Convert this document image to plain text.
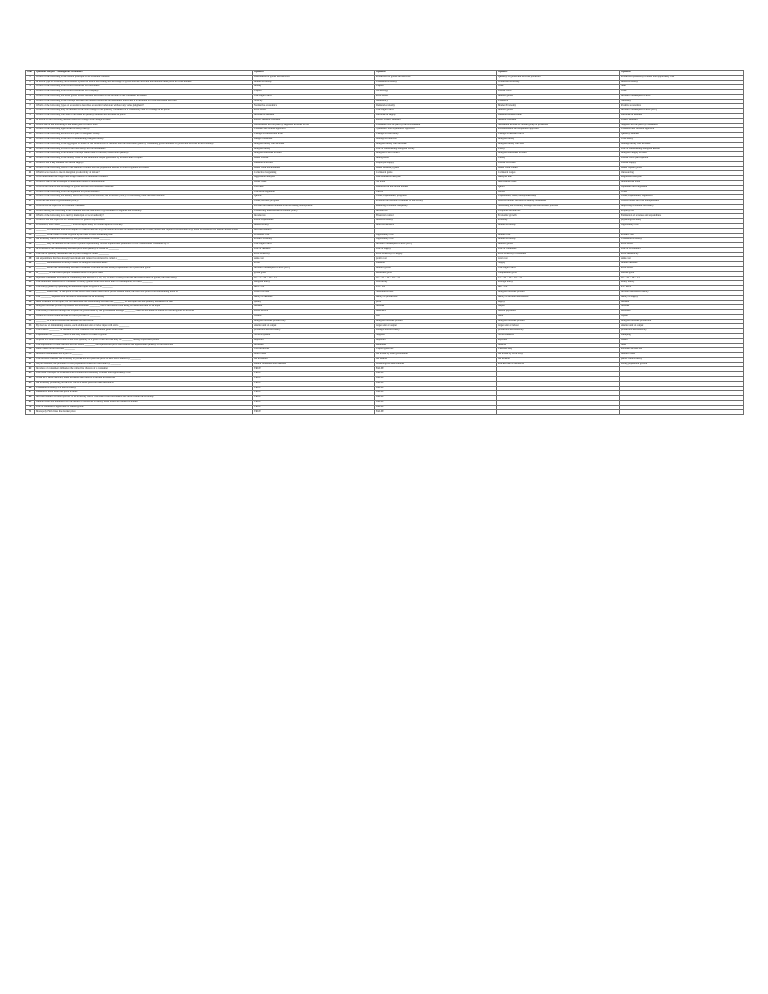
S.no	Question Subject : Managerial Economics	OptionA	OptionB	OptionC	OptionD
1	Which of the following is the central principle of all economic models?	Distribution of goods and services	Production of goods and services	Quantity of goods and services produced	Production possibility frontier and opportunity cost
2	In which type of economy, an economic system in which the trading and exchange of goods and services and information takes place in a free market?	Market economy	Command economy	Traditional economy	Mixed economy
3	Which of the following is not scarce resources for individual?	Money	Capital	Time	Skill
4	Which of the following is not scarce resources for company?	Capital	Technology	Labour force	Time
5	Which of the following are those goods whose demand decreases as the income of the consumer increases?	The Engel Curve	Price Effect	Inferior goods	Income Consumption Curve
6	Which of the following is the concept between our limited resources and unlimited wants and it is different for both individual and firm	Scarcity	Abundancy	Existence	Necessity
7	Which of the following types of economics describes economic behaviour without any value judgment?	Normative economics	Demand economy	Market Economy	Positive economics
8	Which of the following may be defined as the total change in the quantity consumed of a commodity due to a change in its price?	Price Effect	The Engel Curve	Inferior goods	Income Consumption Curve (ICC)
9	Which of the following will lead to decrease in quantity demand and increase in price?	Increase in demand	Decrease in supply	Demand remains same	Decrease in demand
10	In which of the following demand does not change with change in time?	Perfect Inelastic Demand	Perfect Elastic Demand	Inelastic Demand	Elastic Demand
11	What's one of the following is the main goal of Price Floor?	Government will be paid by suppliers in terms of tax	Consumer will be paid by the Government	Settlement income to certain group of producers	Supplier will be paid by consumers
12	Which of the following approaches is utility theory?	Cardinal and ordinal approach	Symmetric and asymmetric approach	Predetermined and sequential approach	Common and variable approach
13	Which of the following involves as a part of Marginal Utility?	Change in satisfaction level	Change in total utility	Change in demand curve	Quantity demand
14	Which of the following is the law of diminishing marginal utility?	Budget constraint	Average Production	Marginal utility	Total utility
15	Which of the following is the aggregate of series of the satisfaction or benefits that the individual gains by consuming given amounts of goods and services in an economy?	Marginal utility will increase	Marginal utility will decrease	Marginal utility will zero	Average utility will increase
16	Which of the following occurs if the total utility will be maximum?	Marginal utility	Law of Diminishing Marginal Utility	Utility	Law of Diminishing Marginal Return
17	Which of the following is an abstract concept rather than a concrete, observable quantity?	Marginal Revenue Product	Marginal Cost Product	Marginal Revenues Product	Marginal Supply Product
18	Which of the following is the money value of the additional output generated by an extra unit of input?	Better Labour	Immigration	Family	Labour force participation
19	Which is not a key element for labour supply?	Demand activities	Employee supply	Labour activities	Labour supply
20	Which of the following refers to the number of hours that the population desires to work in gainful activities?	Better work environment	Better monetary gains	Better work values	Better capital goods
21	Which factor leads to rise in marginal productivity of labour?	Collective bargaining	Collateral gains	Collateral wages	Outsourcing
22	What determines the wages and fringe benefits of unionized workers?	Aggression analysis	Discrimination analysis	Analysis line	Regression analysis
23	Which is one of the technique to determine trends of unionization?	Barter trade	No trade	Merchantile trade	International trade
24	What is the trade in the exchange of goods and services between countries?	Tax rates	Distortion in the labour market	Quota	Optimum tariff argument
25	Which of the following is not an argument for protectionism?	The terms argument	Tariffs	Goods	Trade
26	Which of the following are usually associated with protectionism, the economic policy of restraining trade between nations?	Quotas	Taxes, expenditure, programs	Expenditure, taxes, entrepreneurship	Taxes, expenditure, regulation
27	What are the tools of government policy?	Taxes, income, program	Promote the welfare of number of the society	Bond economic decision in healthy businesses	Overall small and cost entrepreneurs
28	What is not an objective of economic business?	Prevent the market domain from becoming monopolistic	Reducing economic inequality	Stabilizing the economy through macroeconomic policies	Improving economic efficiency
29	Which among the following is the common that the functions of government to regulate the economy?	Conducting international economic policy	Income tax	Corporate income tax	Property tax
30	Which of the following is to tied by municipal or local authority?	Income tax	Financial control	Economic growth	Estimation of revenue and expenditure
31	Which is not the objective of classification of general expenditure?	Public expenditure	Mixed economy	economy	physiological study
32	Economics, also called ________ , is an in-depth study of certain aspects of society	Mixed society	Macroeconomics	Market economy	Opportunity cost
33	________ is concerned with total output of a nation and the way the nation allocates its limited resources of land, labour and capital in an efficient way, trend of resources for future current action	Microeconomics			
34	________ is the value of what is given up in order to have something else	Economic cost	Opportunity cost	Market cost	Product cost
35	An economy which is controlled by the government is called ________	Product economy	Opportunity cost	Market economy	Command economy
36	________ may be defined as the locus of points representing various equilibrium quantities of two commodities consumed by a	The Engel Curve	Income Consumption Curve (ICC)	Inferior goods	Price Effect
37	In economics, the relationship between price and quantity is called as ________	Law of demand	Law of supply	Law of command	Law of Economics
38	The rate of quantity demanded due to price change is called ________	Price Elasticity	Price Elasticity of Supply	Price Elasticity of Demand	Price Inelasticity
39	An expenditure that has already been made and cannot be retrieved is called a ________	sunk cost	profit cost	total cost	sunk cost
40	________ maximization is always based on Marginal Decision Rule.	Profit	Demand	Supply	Market demand
41	________ shows the relationship between consumer's income and his money expenditure on a particular good.	Income Consumption Curve (ICC)	inferior goods	The Engel Curve	Price Effect
42	A ________ is one which people consume more of as price rises	giffen good	substitute good	complement good	normal good
43	A person consumes five units of commodity and derives 15, 12, 10, 18 and 13 utility from the successive units of goods, the total utility	10 + 5 + 10 + 18 + 13	10 + 15 + 12 + 18 + 13	15 + 12 + 10 + 18 + 13	10 + 12 + 14 + 13
44	The additional satisfaction a consumer of utility gained from each extra unit of consumption, is called ________	marginal utility	total utility	average utility	utility theory
45	The utility gained by spending an additional rupee on good x is ________	MUx / Px	UX / UP	MU / UP	Px / MUx
46	________ states that, "If the price of one factor does while other factor prices remain fixed, the firm will profit from substituting more of	Least cost rule	Substitution rule	Marginal revenue product	Income distribution theory
47	The ________ explains how income is determined in an economy	theory of demand	theory of production	theory of income distribution	theory of supply
48	MRP schedule for an input, we can determine the relationship between the ________ of the input and the quantity demanded of that	quality	price	supply	demand
49	Marginal revenue product represents the additional ________ that a firm earns from using an additional unit of an input	demand	revenue	output	revenue
50	The money collected through tax is spent on goods made by the government through ________, then we are made to return for certain goods or services	social service	insurance	benefit payments	subsidies
51	Wealth is a stock while income is a flow per unit of ________	Wealth	Bar	labor	capital
52	________ of a factor reveals the demand for that factor.	Marginal revenue productivity	Marginal revenue product	Marginal revenue product	Marginal revenue production
53	By the law of diminishing returns, each additional unit of labor input will add a ________	smaller unit of output	larger unit of output	larger unit of labour	smaller unit of output
54	The relative ________ of demand of both countries will determine gains from trade.	production and efficiency	strength and efficiency	production and elasticity	production and elasticity
55	Expenditure on ________ labor is the only source of value of goods	Social Payment	Supplier	Social Benefits	Dumping
56	A quota is a direct restriction on the total quantity of a good or service that may be ________ during a specified period	imported	imported	exported	traded
57	The imposition of trade barriers such as tariffs ________ the equilibrium price and reduces the equilibrium quantity of the restricted	increases	maintains	reduces	raise
58	Direct taxes do not include ________	Tax incentives	Capital gains tax	Customs duty	Personal income tax
59	Incentive instruments are a part of ________	direct taxes	tax levied by state government	tax levied by local body	indirect taxes
60	The decision whether the economy to producers will pass the price of new tax is buried by ________	tax incidence	tax benefit	tax evasion	public choice theory
61	As per Malthus, the problem of over population would be overcome by ________	natural calamities and diseases	technological interventions	efficient use of resources	strong population growth
62	Incomes of consumers influence the collective choices of a consumer	TRUE	FALSE		
63	Free basic concepts of economics are Production Possibility Frontier and Opportunity Cost	TRUE	FALSE		
64	When PPF shifts outward, these increases that there is a decline in resources	TRUE	FALSE		
65	An economy producing on the PPF curve is more practical than theoretical	TRUE	FALSE		
66	Command economy is a free economy	TRUE	FALSE		
67	Demand is more when the price is more	TRUE	FALSE		
68	Microeconomics is more specific to an economy and is concerned with individuals and firms within the economy	TRUE	FALSE		
69	Human wants are unlimited but the means or resources to satisfy these wants are limited in nature.	TRUE	FALSE		
70	Law of Demand is applicable to Giffen goods	TRUE	FALSE		
71	Monopoly Firm fixes the market price	TRUE	FALSE		
